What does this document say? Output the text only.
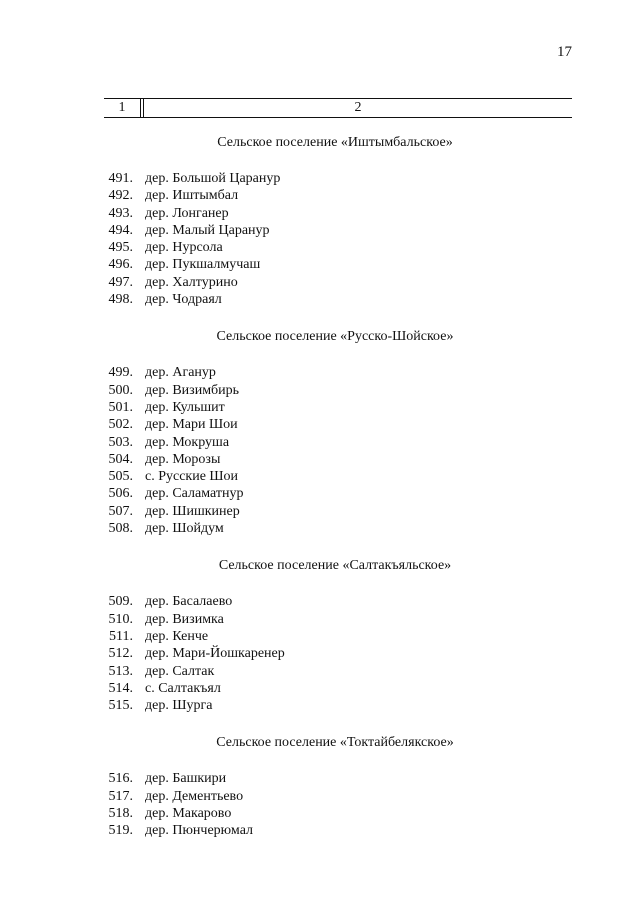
17
1	2
Сельское поселение «Иштымбальское»
491. дер. Большой Царанур
492. дер. Иштымбал
493. дер. Лонганер
494. дер. Малый Царанур
495. дер. Нурсола
496. дер. Пукшалмучаш
497. дер. Халтурино
498. дер. Чодраял
Сельское поселение «Русско-Шойское»
499. дер. Аганур
500. дер. Визимбирь
501. дер. Кульшит
502. дер. Мари Шои
503. дер. Мокруша
504. дер. Морозы
505. с. Русские Шои
506. дер. Саламатнур
507. дер. Шишкинер
508. дер. Шойдум
Сельское поселение «Салтакъяльское»
509. дер. Басалаево
510. дер. Визимка
511. дер. Кенче
512. дер. Мари-Йошкаренер
513. дер. Салтак
514. с. Салтакъял
515. дер. Шурга
Сельское поселение «Токтайбелякское»
516. дер. Башкири
517. дер. Дементьево
518. дер. Макарово
519. дер. Пюнчерюмал
